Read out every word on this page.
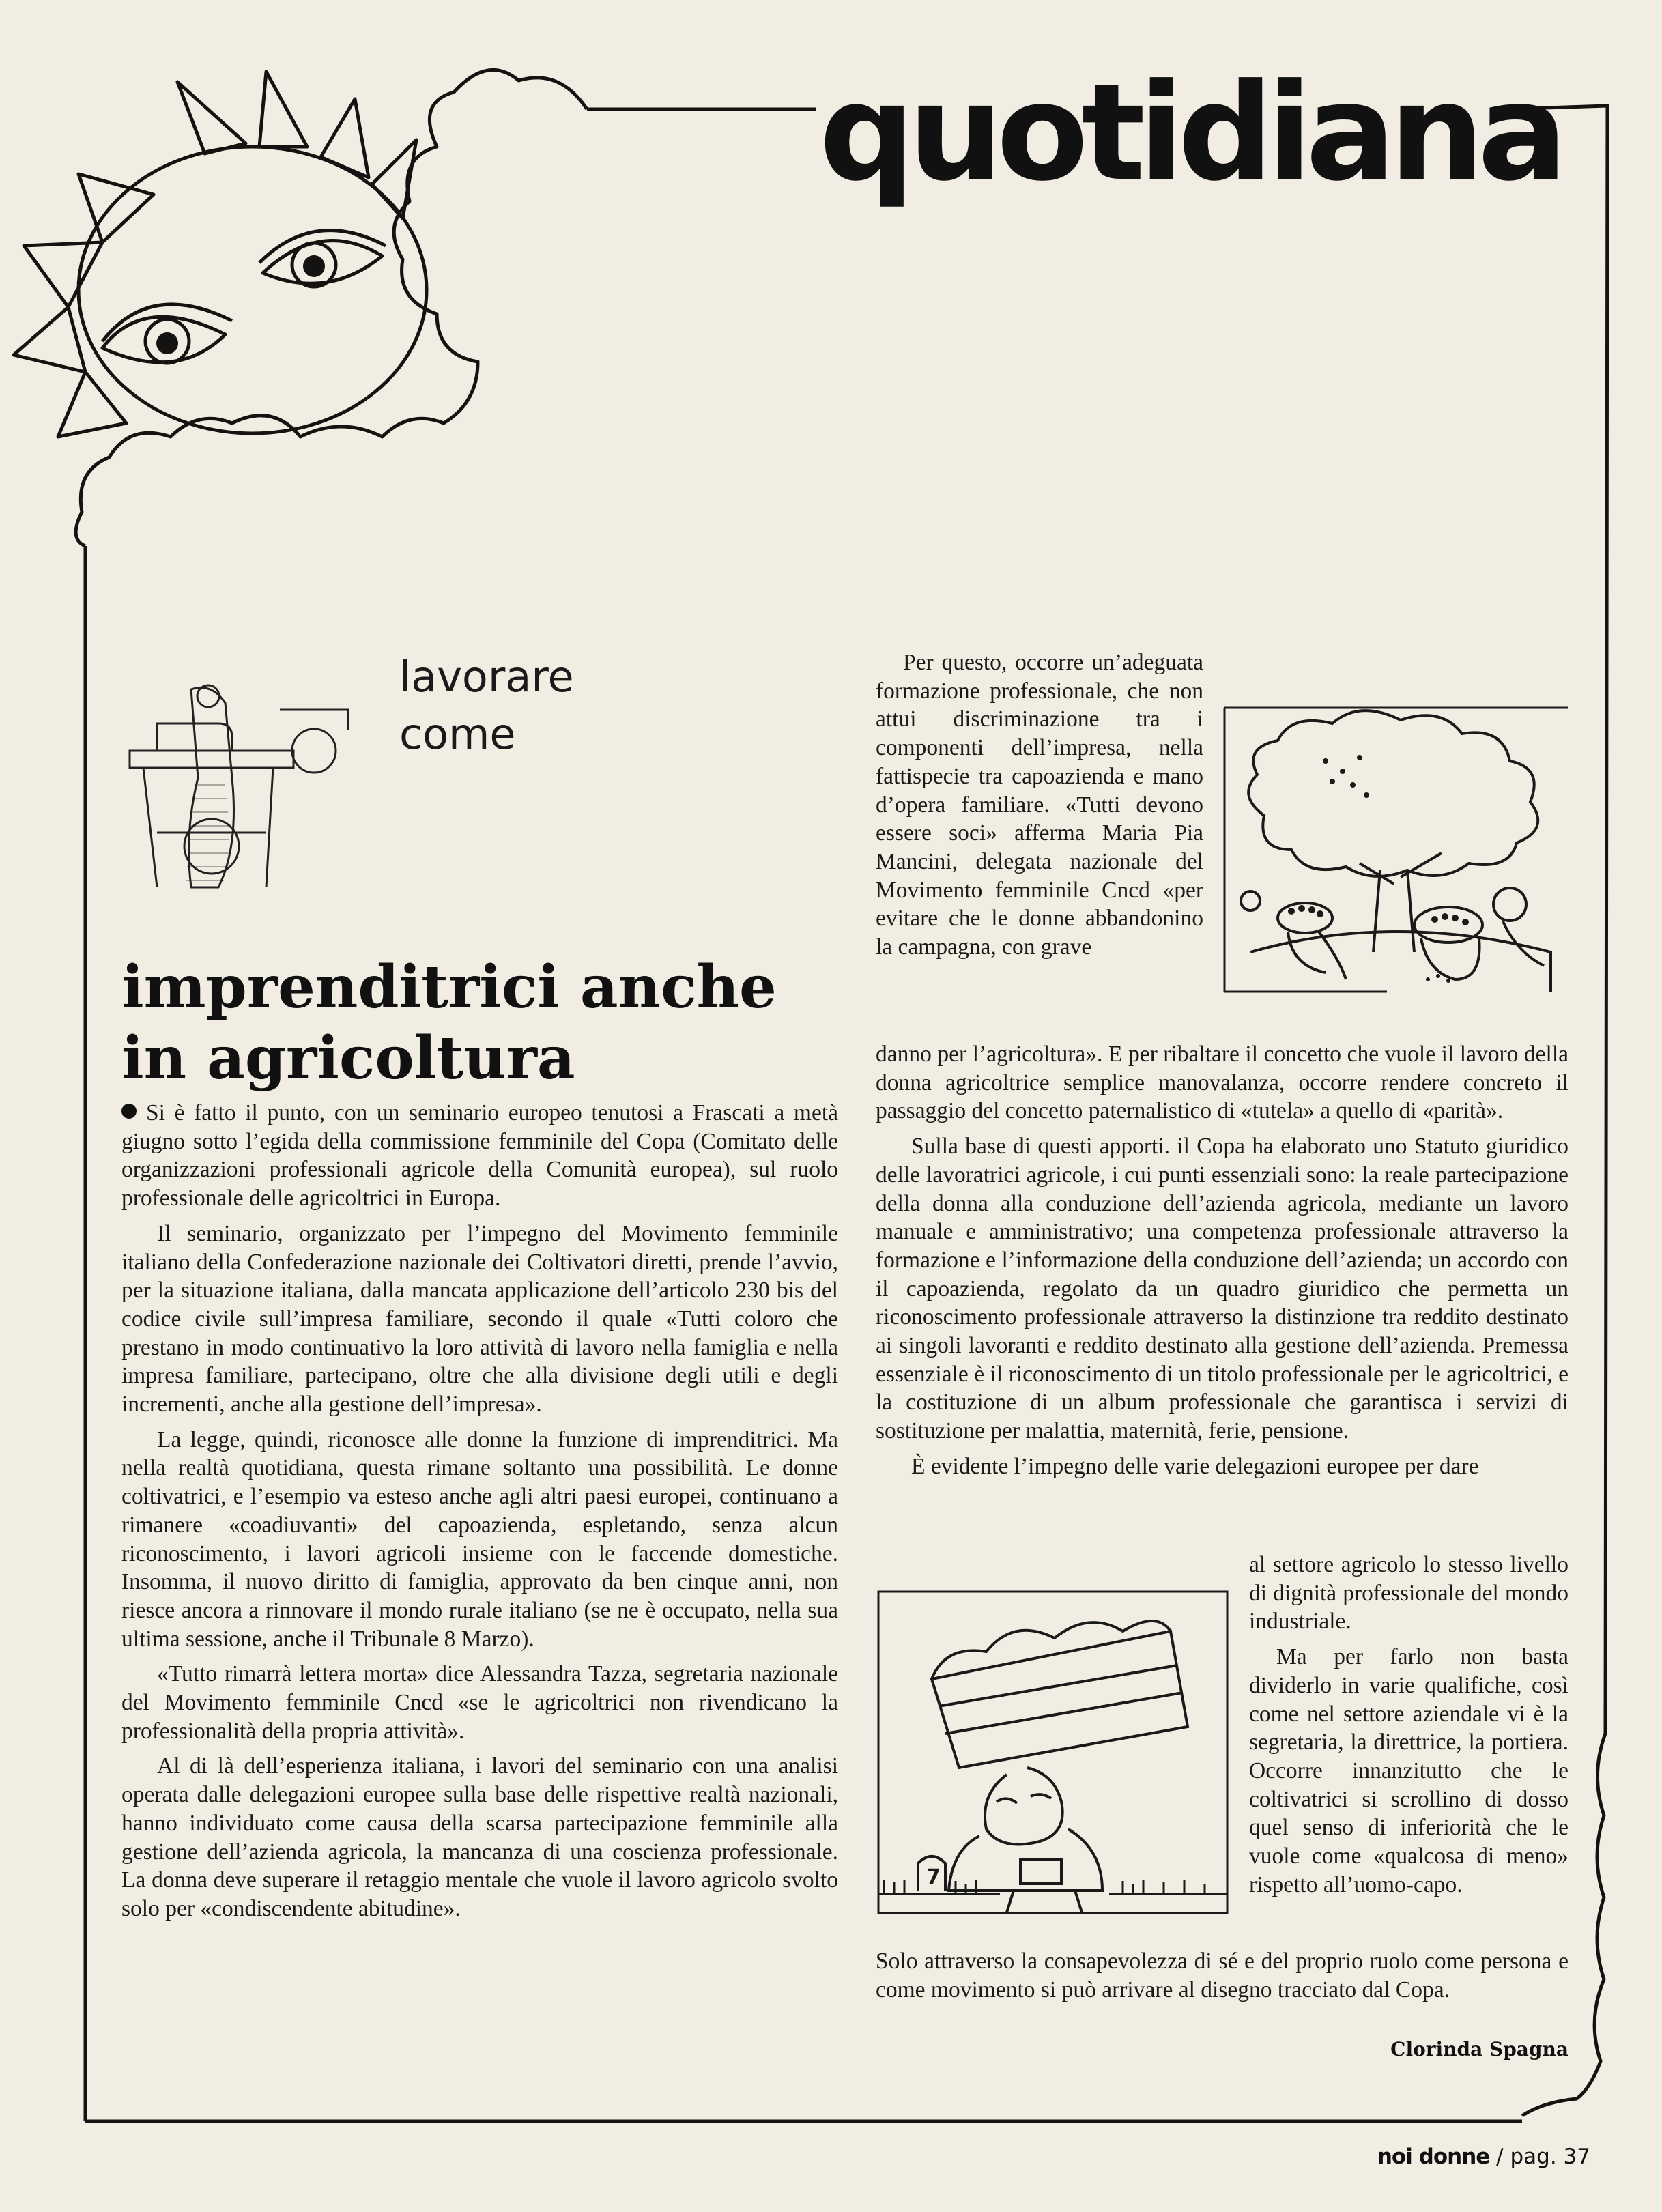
quotidiana
lavorare
come
imprenditrici anche
in agricoltura

Si è fatto il punto, con un seminario europeo tenutosi a Frascati a metà giugno sotto l’egida della commissione femminile del Copa (Comitato delle organizzazioni professionali agricole della Comunità europea), sul ruolo professionale delle agricoltrici in Europa.

Il seminario, organizzato per l’impegno del Movimento femminile italiano della Confederazione nazionale dei Coltivatori diretti, prende l’avvio, per la situazione italiana, dalla mancata applicazione dell’articolo 230 bis del codice civile sull’impresa familiare, secondo il quale «Tutti coloro che prestano in modo continuativo la loro attività di lavoro nella famiglia e nella impresa familiare, partecipano, oltre che alla divisione degli utili e degli incrementi, anche alla gestione dell’impresa».

La legge, quindi, riconosce alle donne la funzione di imprenditrici. Ma nella realtà quotidiana, questa rimane soltanto una possibilità. Le donne coltivatrici, e l’esempio va esteso anche agli altri paesi europei, continuano a rimanere «coadiuvanti» del capoazienda, espletando, senza alcun riconoscimento, i lavori agricoli insieme con le faccende domestiche. Insomma, il nuovo diritto di famiglia, approvato da ben cinque anni, non riesce ancora a rinnovare il mondo rurale italiano (se ne è occupato, nella sua ultima sessione, anche il Tribunale 8 Marzo).

«Tutto rimarrà lettera morta» dice Alessandra Tazza, segretaria nazionale del Movimento femminile Cncd «se le agricoltrici non rivendicano la professionalità della propria attività».

Al di là dell’esperienza italiana, i lavori del seminario con una analisi operata dalle delegazioni europee sulla base delle rispettive realtà nazionali, hanno individuato come causa della scarsa partecipazione femminile alla gestione dell’azienda agricola, la mancanza di una coscienza professionale. La donna deve superare il retaggio mentale che vuole il lavoro agricolo svolto solo per «condiscendente abitudine».

Per questo, occorre un’adeguata formazione professionale, che non attui discriminazione tra i componenti dell’impresa, nella fattispecie tra capoazienda e mano d’opera familiare. «Tutti devono essere soci» afferma Maria Pia Mancini, delegata nazionale del Movimento femminile Cncd «per evitare che le donne abbandonino la campagna, con grave

danno per l’agricoltura». E per ribaltare il concetto che vuole il lavoro della donna agricoltrice semplice manovalanza, occorre rendere concreto il passaggio del concetto paternalistico di «tutela» a quello di «parità».

Sulla base di questi apporti. il Copa ha elaborato uno Statuto giuridico delle lavoratrici agricole, i cui punti essenziali sono: la reale partecipazione della donna alla conduzione dell’azienda agricola, mediante un lavoro manuale e amministrativo; una competenza professionale attraverso la formazione e l’informazione della conduzione dell’azienda; un accordo con il capoazienda, regolato da un quadro giuridico che permetta un riconoscimento professionale attraverso la distinzione tra reddito destinato ai singoli lavoranti e reddito destinato alla gestione dell’azienda. Premessa essenziale è il riconoscimento di un titolo professionale per le agricoltrici, e la costituzione di un album professionale che garantisca i servizi di sostituzione per malattia, maternità, ferie, pensione.

È evidente l’impegno delle varie delegazioni europee per dare

7

al settore agricolo lo stesso livello di dignità professionale del mondo industriale.

Ma per farlo non basta dividerlo in varie qualifiche, così come nel settore aziendale vi è la segretaria, la direttrice, la portiera. Occorre innanzitutto che le coltivatrici si scrollino di dosso quel senso di inferiorità che le vuole come «qualcosa di meno» rispetto all’uomo-capo.

Solo attraverso la consapevolezza di sé e del proprio ruolo come persona e come movimento si può arrivare al disegno tracciato dal Copa.

Clorinda Spagna
noi donne / pag. 37
